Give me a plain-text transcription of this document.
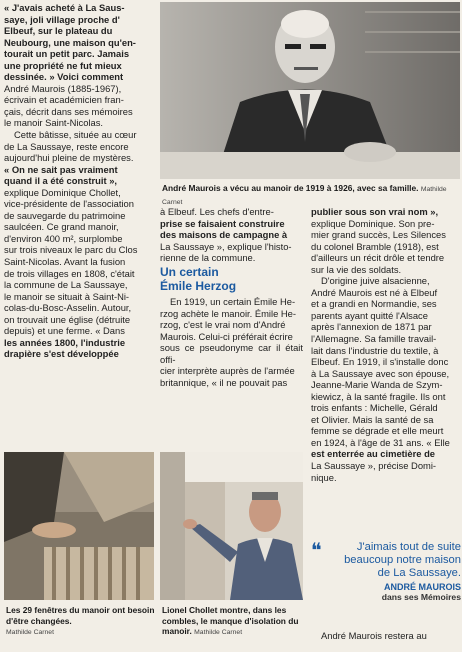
« J'avais acheté à La Saus-

saye, joli village proche d'

Elbeuf, sur le plateau du

Neubourg, une maison qu'en-

tourait un petit parc. Jamais

une propriété ne fut mieux

dessinée. » Voici comment

André Maurois (1885-1967),

écrivain et académicien fran-

çais, décrit dans ses mémoires

le manoir Saint-Nicolas.

Cette bâtisse, située au cœur

de La Saussaye, reste encore

aujourd'hui pleine de mystères.

« On ne sait pas vraiment

quand il a été construit »,

explique Dominique Chollet,

vice-présidente de l'association

de sauvegarde du patrimoine

saulcéen. Ce grand manoir,

d'environ 400 m², surplombe

sur trois niveaux le parc du Clos

Saint-Nicolas. Avant la fusion

de trois villages en 1808, c'était

la commune de La Saussaye,

le manoir se situait à Saint-Ni-

colas-du-Bosc-Asselin. Autour,

on trouvait une église (détruite

depuis) et une ferme. « Dans

les années 1800, l'industrie

drapière s'est développée

André Maurois a vécu au manoir de 1919 à 1926, avec sa famille. Mathilde Carnet

à Elbeuf. Les chefs d'entre-

prise se faisaient construire

des maisons de campagne à

La Saussaye », explique l'histo-

rienne de la commune.

Un certain
Émile Herzog

En 1919, un certain Émile He-

rzog achète le manoir. Émile He-

rzog, c'est le vrai nom d'André

Maurois. Celui-ci préférait écrire

sous ce pseudonyme car il était offi-

cier interprète auprès de l'armée

britannique, « il ne pouvait pas

publier sous son vrai nom »,

explique Dominique. Son pre-

mier grand succès, Les Silences

du colonel Bramble (1918), est

d'ailleurs un récit drôle et tendre

sur la vie des soldats.

D'origine juive alsacienne,

André Maurois est né à Elbeuf

et a grandi en Normandie, ses

parents ayant quitté l'Alsace

après l'annexion de 1871 par

l'Allemagne. Sa famille travail-

lait dans l'industrie du textile, à

Elbeuf. En 1919, il s'installe donc

à La Saussaye avec son épouse,

Jeanne-Marie Wanda de Szym-

kiewicz, à la santé fragile. Ils ont

trois enfants : Michelle, Gérald

et Olivier. Mais la santé de sa

femme se dégrade et elle meurt

en 1924, à l'âge de 31 ans. « Elle

est enterrée au cimetière de

La Saussaye », précise Domi-

nique.

Les 29 fenêtres du manoir ont besoin d'être changées.
Mathilde Carnet
Lionel Chollet montre, dans les combles, le manque d'isolation du manoir. Mathilde Carnet
❝	J'aimais tout de suite beaucoup notre maison de La Saussaye.
ANDRÉ MAUROIS
dans ses Mémoires

André Maurois restera au
